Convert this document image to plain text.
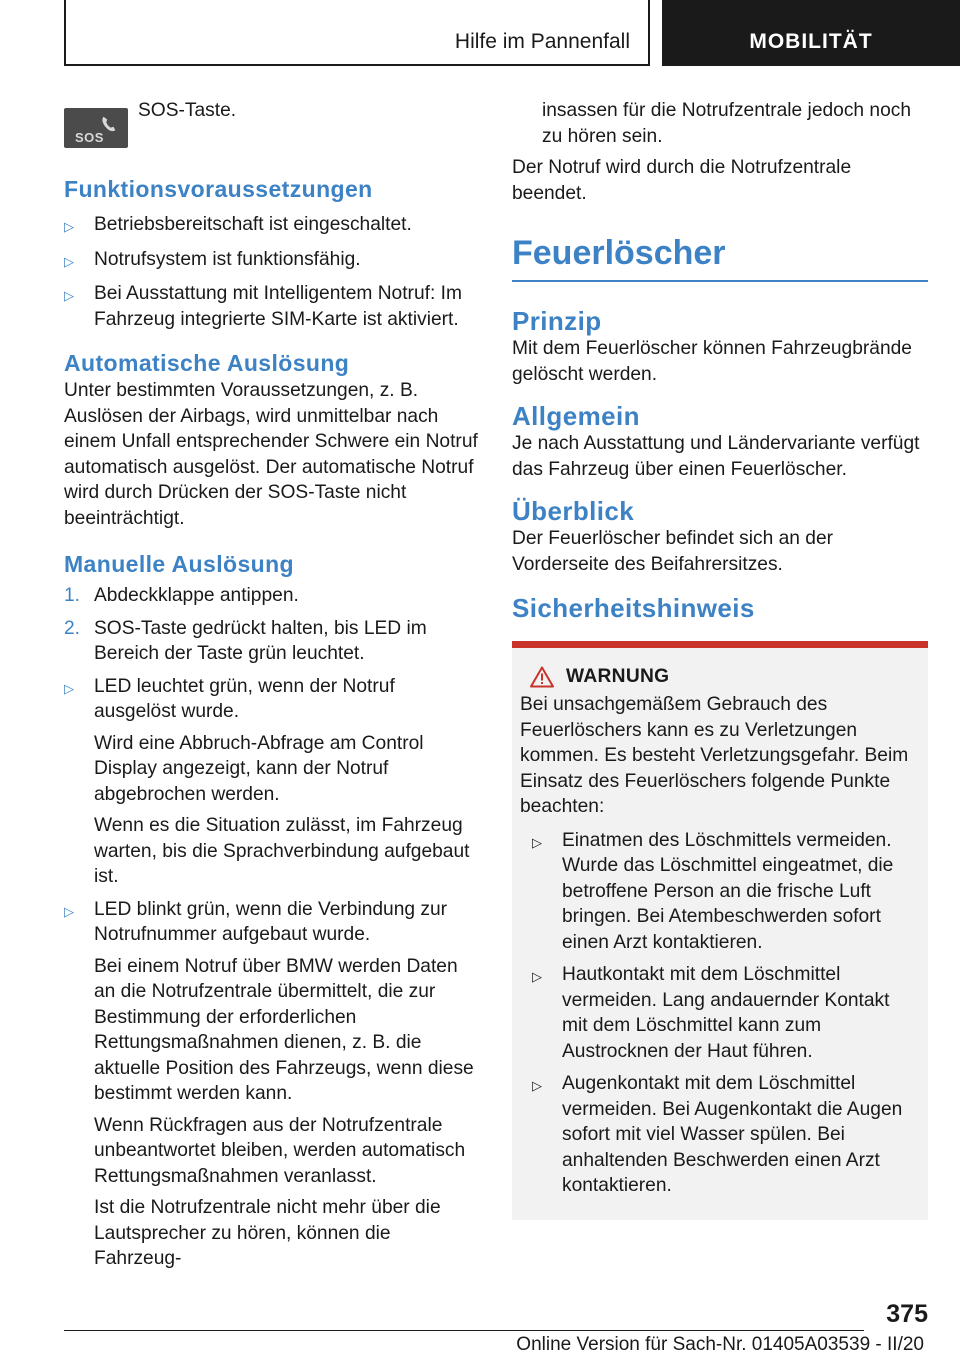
Hilfe im Pannenfall	MOBILITÄT
SOS

SOS-Taste.

Funktionsvoraussetzungen
▷	Betriebsbereitschaft ist eingeschaltet.

▷	Notrufsystem ist funktionsfähig.

▷	Bei Ausstattung mit Intelligentem Notruf: Im Fahrzeug integrierte SIM-Karte ist aktiviert.

Automatische Auslösung

Unter bestimmten Voraussetzungen, z. B. Auslösen der Airbags, wird unmittelbar nach einem Unfall entsprechender Schwere ein Notruf automatisch ausgelöst. Der automatische Notruf wird durch Drücken der SOS-Taste nicht beeinträchtigt.

Manuelle Auslösung
1. Abdeckklappe antippen.

2. SOS-Taste gedrückt halten, bis LED im Bereich der Taste grün leuchtet.

▷	LED leuchtet grün, wenn der Notruf ausgelöst wurde.

Wird eine Abbruch-Abfrage am Control Display angezeigt, kann der Notruf abgebrochen werden.

Wenn es die Situation zulässt, im Fahrzeug warten, bis die Sprachverbindung aufgebaut ist.

▷	LED blinkt grün, wenn die Verbindung zur Notrufnummer aufgebaut wurde.

Bei einem Notruf über BMW werden Daten an die Notrufzentrale übermittelt, die zur Bestimmung der erforderlichen Rettungsmaßnahmen dienen, z. B. die aktuelle Position des Fahrzeugs, wenn diese bestimmt werden kann.

Wenn Rückfragen aus der Notrufzentrale unbeantwortet bleiben, werden automatisch Rettungsmaßnahmen veranlasst.

Ist die Notrufzentrale nicht mehr über die Lautsprecher zu hören, können die Fahrzeug-

insassen für die Notrufzentrale jedoch noch zu hören sein.

Der Notruf wird durch die Notrufzentrale beendet.

Feuerlöscher
Prinzip

Mit dem Feuerlöscher können Fahrzeugbrände gelöscht werden.

Allgemein

Je nach Ausstattung und Ländervariante verfügt das Fahrzeug über einen Feuerlöscher.

Überblick

Der Feuerlöscher befindet sich an der Vorderseite des Beifahrersitzes.

Sicherheitshinweis
WARNUNG

Bei unsachgemäßem Gebrauch des Feuerlöschers kann es zu Verletzungen kommen. Es besteht Verletzungsgefahr. Beim Einsatz des Feuerlöschers folgende Punkte beachten:

▷	Einatmen des Löschmittels vermeiden. Wurde das Löschmittel eingeatmet, die betroffene Person an die frische Luft bringen. Bei Atembeschwerden sofort einen Arzt kontaktieren.

▷	Hautkontakt mit dem Löschmittel vermeiden. Lang andauernder Kontakt mit dem Löschmittel kann zum Austrocknen der Haut führen.

▷	Augenkontakt mit dem Löschmittel vermeiden. Bei Augenkontakt die Augen sofort mit viel Wasser spülen. Bei anhaltenden Beschwerden einen Arzt kontaktieren.

375
Online Version für Sach-Nr. 01405A03539 - II/20
